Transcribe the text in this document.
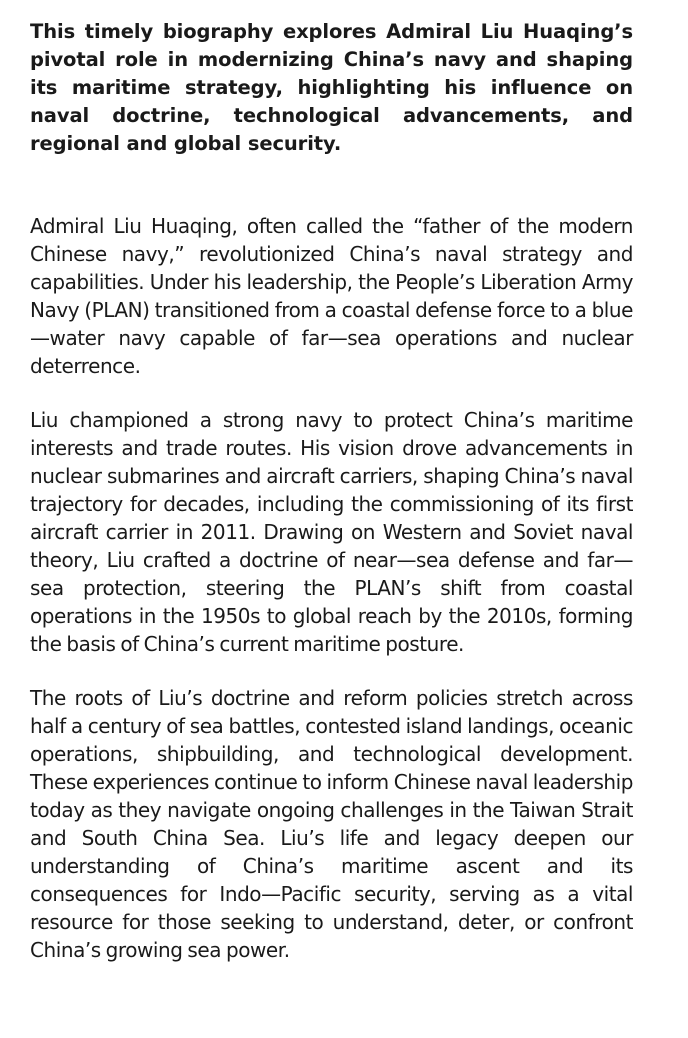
This timely biography explores Admiral Liu Huaqing’s pivotal role in modernizing China’s navy and shaping its maritime strategy, highlighting his influence on naval doctrine, technological advancements, and regional and global security.

Admiral Liu Huaqing, often called the “father of the modern Chinese navy,” revolutionized China’s naval strategy and capabilities. Under his leadership, the People’s Liberation Army Navy (PLAN) transitioned from a coastal defense force to a blue—water navy capable of far—sea operations and nuclear deterrence.

Liu championed a strong navy to protect China’s maritime interests and trade routes. His vision drove advancements in nuclear submarines and aircraft carriers, shaping China’s naval trajectory for decades, including the commissioning of its first aircraft carrier in 2011. Drawing on Western and Soviet naval theory, Liu crafted a doctrine of near—sea defense and far—sea protection, steering the PLAN’s shift from coastal operations in the 1950s to global reach by the 2010s, forming the basis of China’s current maritime posture.

The roots of Liu’s doctrine and reform policies stretch across half a century of sea battles, contested island landings, oceanic operations, shipbuilding, and technological development. These experiences continue to inform Chinese naval leadership today as they navigate ongoing challenges in the Taiwan Strait and South China Sea. Liu’s life and legacy deepen our understanding of China’s maritime ascent and its consequences for Indo—Pacific security, serving as a vital resource for those seeking to understand, deter, or confront China’s growing sea power.
